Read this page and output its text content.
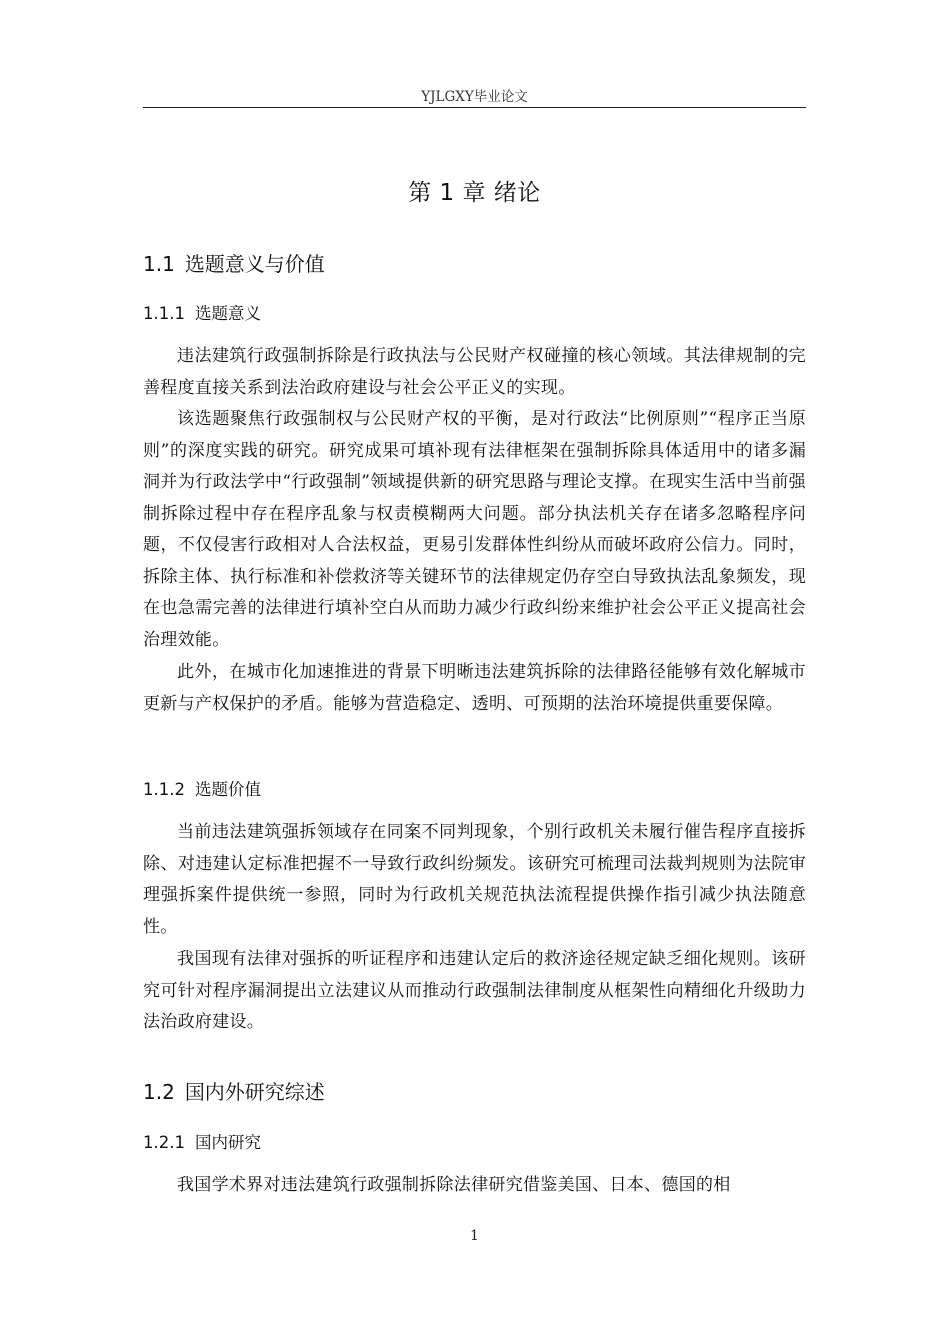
YJLGXY毕业论文
第 1 章 绪论
1.1 选题意义与价值
1.1.1 选题意义

违法建筑行政强制拆除是行政执法与公民财产权碰撞的核心领域。其法律规制的完善程度直接关系到法治政府建设与社会公平正义的实现。

该选题聚焦行政强制权与公民财产权的平衡，是对行政法“比例原则”“程序正当原则”的深度实践的研究。研究成果可填补现有法律框架在强制拆除具体适用中的诸多漏洞并为行政法学中“行政强制”领域提供新的研究思路与理论支撑。在现实生活中当前强制拆除过程中存在程序乱象与权责模糊两大问题。部分执法机关存在诸多忽略程序问题，不仅侵害行政相对人合法权益，更易引发群体性纠纷从而破坏政府公信力。同时，拆除主体、执行标准和补偿救济等关键环节的法律规定仍存空白导致执法乱象频发，现在也急需完善的法律进行填补空白从而助力减少行政纠纷来维护社会公平正义提高社会治理效能。

此外，在城市化加速推进的背景下明晰违法建筑拆除的法律路径能够有效化解城市更新与产权保护的矛盾。能够为营造稳定、透明、可预期的法治环境提供重要保障。

1.1.2 选题价值

当前违法建筑强拆领域存在同案不同判现象，个别行政机关未履行催告程序直接拆除、对违建认定标准把握不一导致行政纠纷频发。该研究可梳理司法裁判规则为法院审理强拆案件提供统一参照，同时为行政机关规范执法流程提供操作指引减少执法随意性。

我国现有法律对强拆的听证程序和违建认定后的救济途径规定缺乏细化规则。该研究可针对程序漏洞提出立法建议从而推动行政强制法律制度从框架性向精细化升级助力法治政府建设。

1.2 国内外研究综述
1.2.1 国内研究

我国学术界对违法建筑行政强制拆除法律研究借鉴美国、日本、德国的相

1
